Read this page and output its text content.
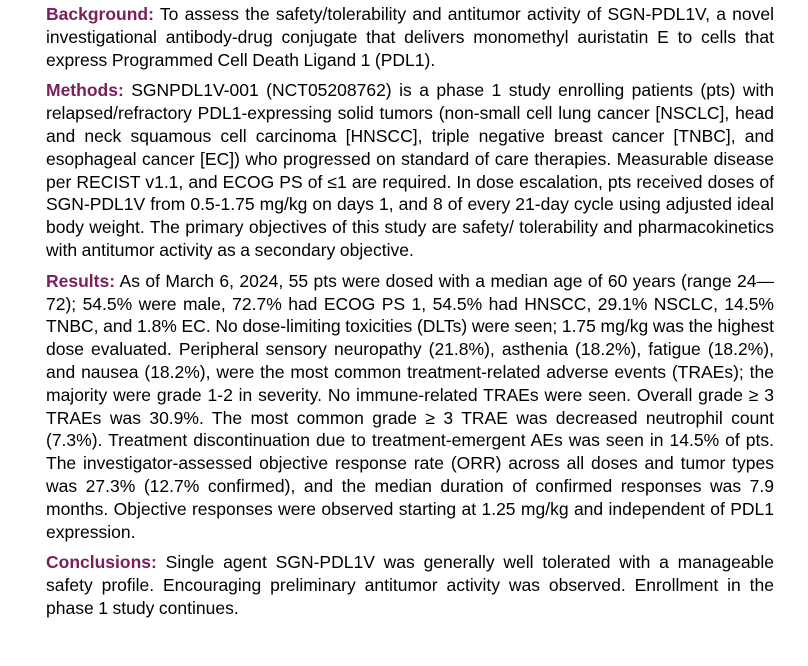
Background: To assess the safety/tolerability and antitumor activity of SGN-PDL1V, a novel investigational antibody-drug conjugate that delivers monomethyl auristatin E to cells that express Programmed Cell Death Ligand 1 (PDL1).

Methods: SGNPDL1V-001 (NCT05208762) is a phase 1 study enrolling patients (pts) with relapsed/refractory PDL1-expressing solid tumors (non-small cell lung cancer [NSCLC], head and neck squamous cell carcinoma [HNSCC], triple negative breast cancer [TNBC], and esophageal cancer [EC]) who progressed on standard of care therapies. Measurable disease per RECIST v1.1, and ECOG PS of ≤1 are required. In dose escalation, pts received doses of SGN-PDL1V from 0.5-1.75 mg/kg on days 1, and 8 of every 21-day cycle using adjusted ideal body weight. The primary objectives of this study are safety/ tolerability and pharmacokinetics with antitumor activity as a secondary objective.

Results: As of March 6, 2024, 55 pts were dosed with a median age of 60 years (range 24—72); 54.5% were male, 72.7% had ECOG PS 1, 54.5% had HNSCC, 29.1% NSCLC, 14.5% TNBC, and 1.8% EC. No dose-limiting toxicities (DLTs) were seen; 1.75 mg/kg was the highest dose evaluated. Peripheral sensory neuropathy (21.8%), asthenia (18.2%), fatigue (18.2%), and nausea (18.2%), were the most common treatment-related adverse events (TRAEs); the majority were grade 1-2 in severity. No immune-related TRAEs were seen. Overall grade ≥ 3 TRAEs was 30.9%. The most common grade ≥ 3 TRAE was decreased neutrophil count (7.3%). Treatment discontinuation due to treatment-emergent AEs was seen in 14.5% of pts. The investigator-assessed objective response rate (ORR) across all doses and tumor types was 27.3% (12.7% confirmed), and the median duration of confirmed responses was 7.9 months. Objective responses were observed starting at 1.25 mg/kg and independent of PDL1 expression.

Conclusions: Single agent SGN-PDL1V was generally well tolerated with a manageable safety profile. Encouraging preliminary antitumor activity was observed. Enrollment in the phase 1 study continues.
